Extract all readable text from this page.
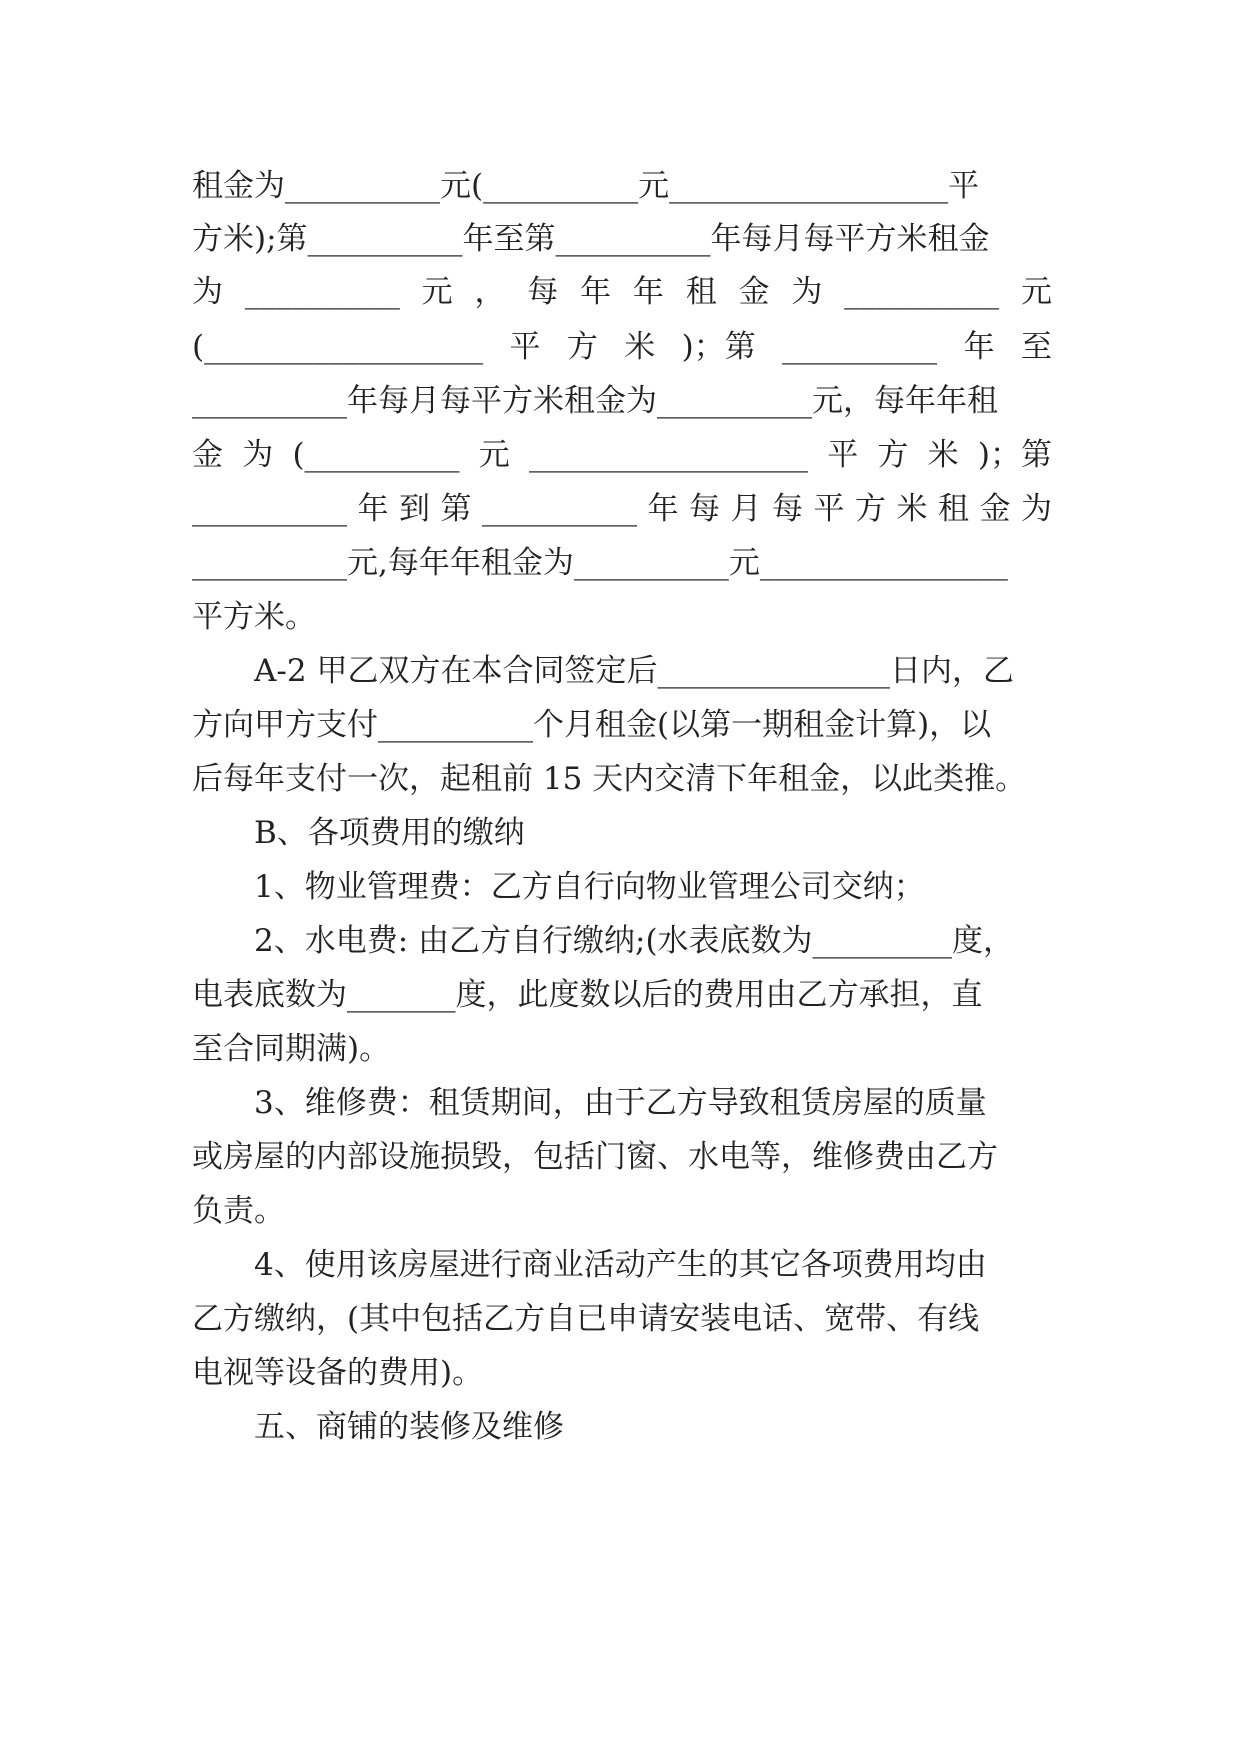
租金为__________元(__________元__________________平
方米);第__________年至第__________年每月每平方米租金
为 __________ 元 ， 每 年 年 租 金 为 __________ 元
(__________________ 平 方 米 )；第 __________ 年 至
__________年每月每平方米租金为__________元，每年年租
金 为 (__________ 元 __________________ 平 方 米 )；第
__________ 年 到 第 __________ 年 每 月 每 平 方 米 租 金 为
__________元,每年年租金为__________元________________
平方米。
A-2 甲乙双方在本合同签定后_______________日内，乙
方向甲方支付__________个月租金(以第一期租金计算)，以
后每年支付一次，起租前 15 天内交清下年租金，以此类推。
B、各项费用的缴纳
1、物业管理费：乙方自行向物业管理公司交纳；
2、水电费: 由乙方自行缴纳;(水表底数为_________度，
电表底数为_______度，此度数以后的费用由乙方承担，直
至合同期满)。
3、维修费：租赁期间，由于乙方导致租赁房屋的质量
或房屋的内部设施损毁，包括门窗、水电等，维修费由乙方
负责。
4、使用该房屋进行商业活动产生的其它各项费用均由
乙方缴纳，(其中包括乙方自已申请安装电话、宽带、有线
电视等设备的费用)。
五、商铺的装修及维修
